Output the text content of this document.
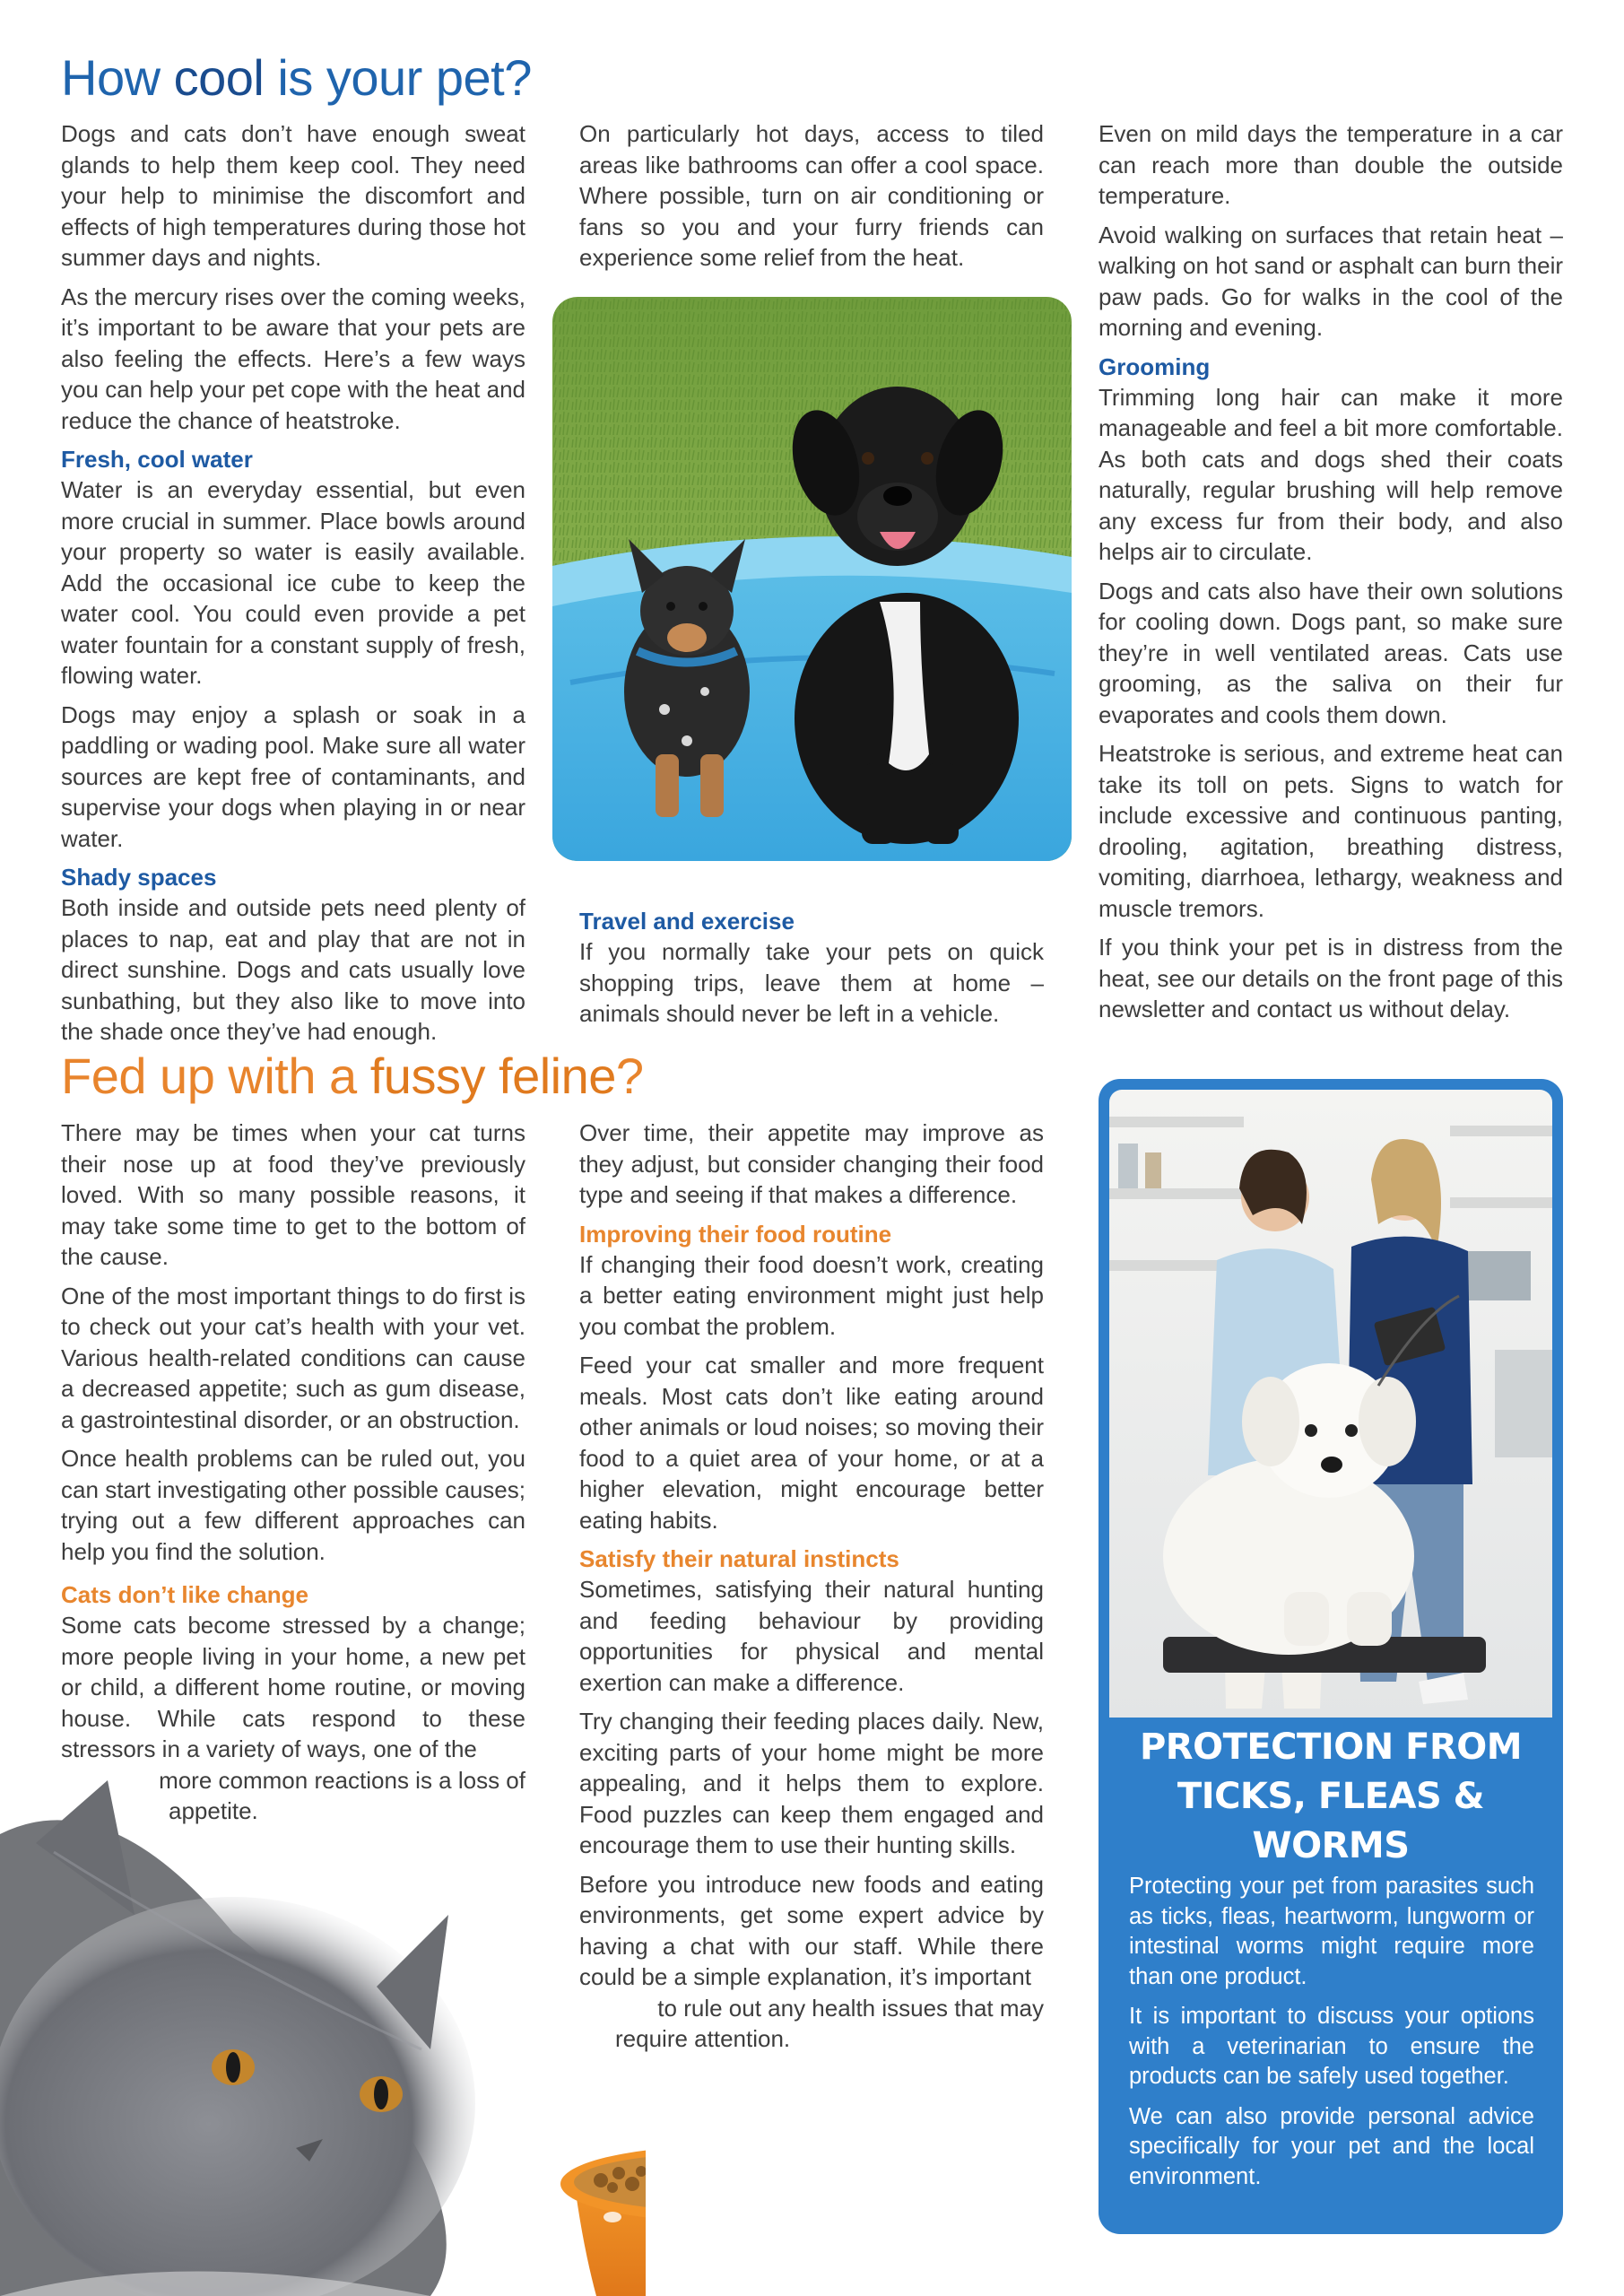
How cool is your pet?

Dogs and cats don’t have enough sweat glands to help them keep cool. They need your help to minimise the discomfort and effects of high temperatures during those hot summer days and nights.

As the mercury rises over the coming weeks, it’s important to be aware that your pets are also feeling the effects. Here’s a few ways you can help your pet cope with the heat and reduce the chance of heatstroke.

Fresh, cool water

Water is an everyday essential, but even more crucial in summer. Place bowls around your property so water is easily available. Add the occasional ice cube to keep the water cool. You could even provide a pet water fountain for a constant supply of fresh, flowing water.

Dogs may enjoy a splash or soak in a paddling or wading pool. Make sure all water sources are kept free of contaminants, and supervise your dogs when playing in or near water.

Shady spaces

Both inside and outside pets need plenty of places to nap, eat and play that are not in direct sunshine. Dogs and cats usually love sunbathing, but they also like to move into the shade once they’ve had enough.

On particularly hot days, access to tiled areas like bathrooms can offer a cool space. Where possible, turn on air conditioning or fans so you and your furry friends can experience some relief from the heat.

Travel and exercise

If you normally take your pets on quick shopping trips, leave them at home – animals should never be left in a vehicle.

Even on mild days the temperature in a car can reach more than double the outside temperature.

Avoid walking on surfaces that retain heat – walking on hot sand or asphalt can burn their paw pads. Go for walks in the cool of the morning and evening.

Grooming

Trimming long hair can make it more manageable and feel a bit more comfortable. As both cats and dogs shed their coats naturally, regular brushing will help remove any excess fur from their body, and also helps air to circulate.

Dogs and cats also have their own solutions for cooling down. Dogs pant, so make sure they’re in well ventilated areas. Cats use grooming, as the saliva on their fur evaporates and cools them down.

Heatstroke is serious, and extreme heat can take its toll on pets. Signs to watch for include excessive and continuous panting, drooling, agitation, breathing distress, vomiting, diarrhoea, lethargy, weakness and muscle tremors.

If you think your pet is in distress from the heat, see our details on the front page of this newsletter and contact us without delay.

Fed up with a fussy feline?

There may be times when your cat turns their nose up at food they’ve previously loved. With so many possible reasons, it may take some time to get to the bottom of the cause.

One of the most important things to do first is to check out your cat’s health with your vet. Various health-related conditions can cause a decreased appetite; such as gum disease, a gastrointestinal disorder, or an obstruction.

Once health problems can be ruled out, you can start investigating other possible causes; trying out a few different approaches can help you find the solution.

Cats don’t like change

Some cats become stressed by a change; more people living in your home, a new pet or child, a different home routine, or moving house. While cats respond to these stressors in a variety of ways, one of the

more common reactions is a loss of
appetite.

Over time, their appetite may improve as they adjust, but consider changing their food type and seeing if that makes a difference.

Improving their food routine

If changing their food doesn’t work, creating a better eating environment might just help you combat the problem.

Feed your cat smaller and more frequent meals. Most cats don’t like eating around other animals or loud noises; so moving their food to a quiet area of your home, or at a higher elevation, might encourage better eating habits.

Satisfy their natural instincts

Sometimes, satisfying their natural hunting and feeding behaviour by providing opportunities for physical and mental exertion can make a difference.

Try changing their feeding places daily. New, exciting parts of your home might be more appealing, and it helps them to explore. Food puzzles can keep them engaged and encourage them to use their hunting skills.

Before you introduce new foods and eating environments, get some expert advice by having a chat with our staff. While there could be a simple explanation, it’s important

to rule out any health issues that may
require attention.
PROTECTION FROM
TICKS, FLEAS &
WORMS

Protecting your pet from parasites such as ticks, fleas, heartworm, lungworm or intestinal worms might require more than one product.

It is important to discuss your options with a veterinarian to ensure the products can be safely used together.

We can also provide personal advice specifically for your pet and the local environment.
